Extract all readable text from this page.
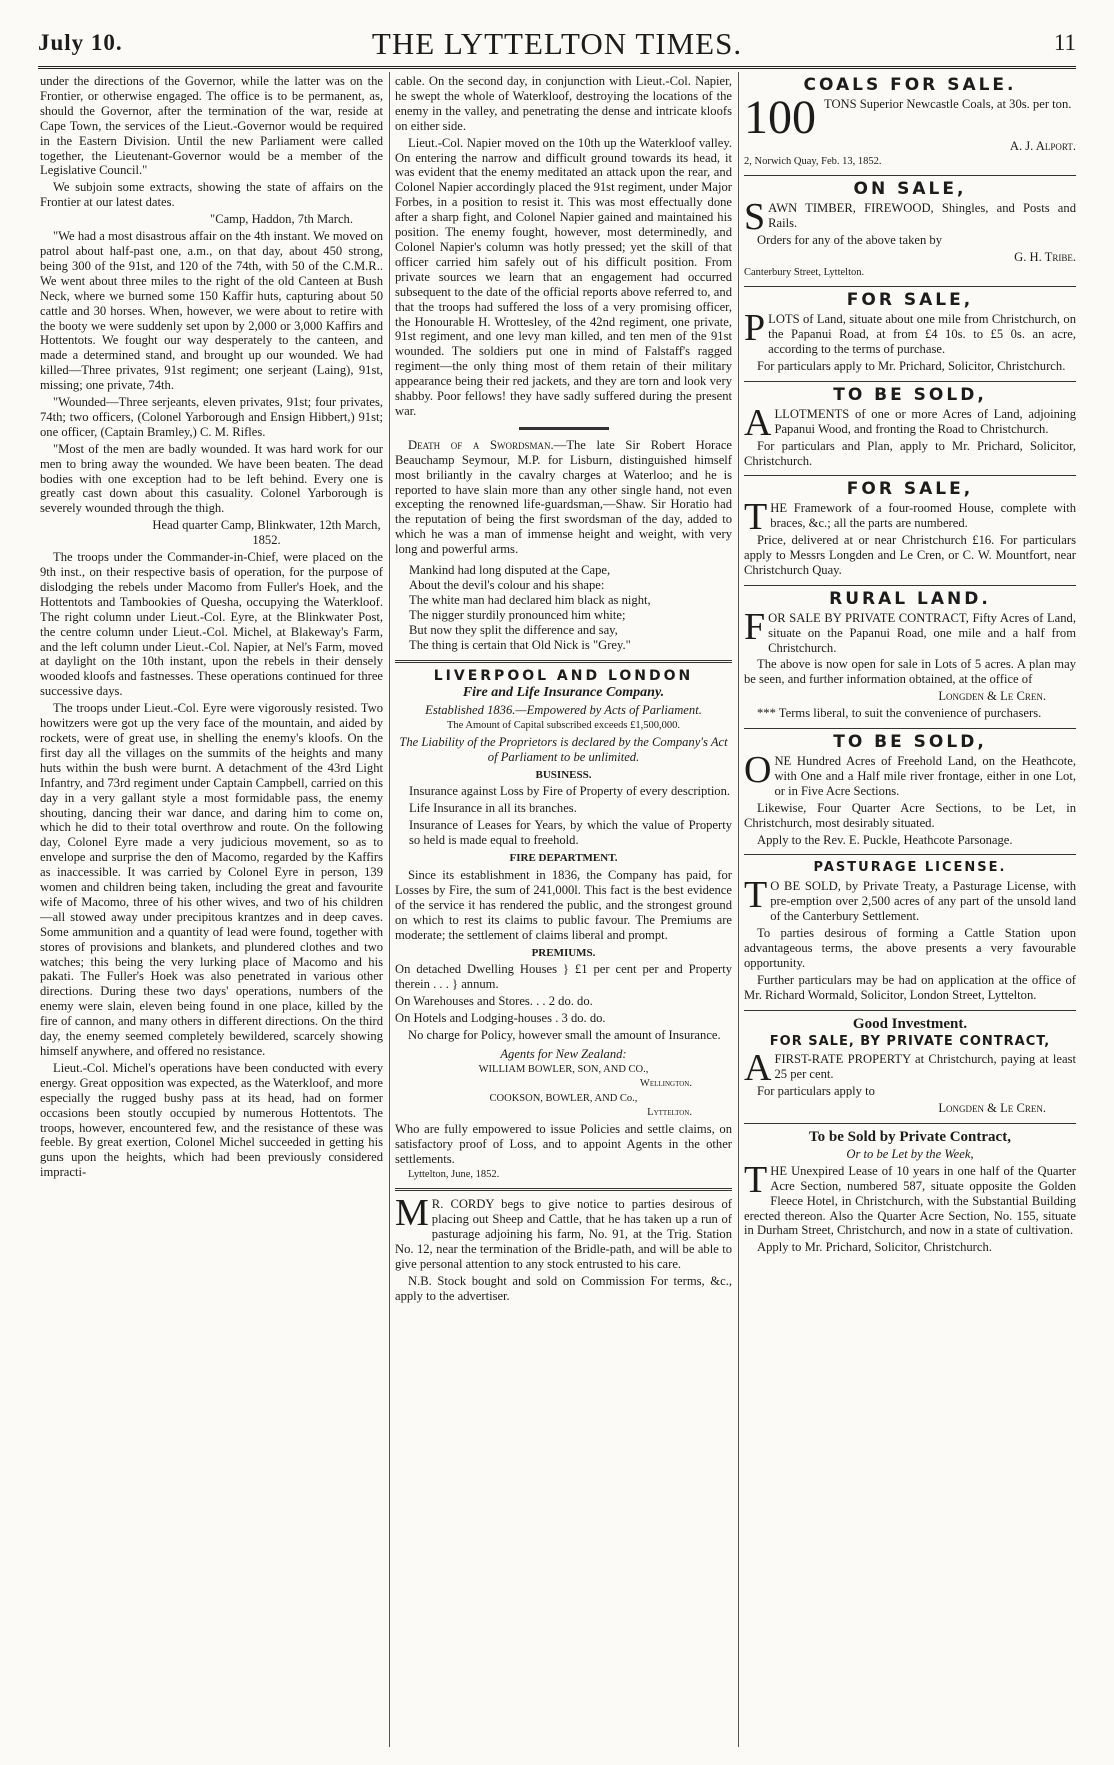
July 10.	THE LYTTELTON TIMES.	11

under the directions of the Governor, while the latter was on the Frontier, or otherwise engaged. The office is to be permanent, as, should the Governor, after the termination of the war, reside at Cape Town, the services of the Lieut.-Governor would be required in the Eastern Division. Until the new Parliament were called together, the Lieutenant-Governor would be a member of the Legislative Council."

We subjoin some extracts, showing the state of affairs on the Frontier at our latest dates.

"Camp, Haddon, 7th March.

"We had a most disastrous affair on the 4th instant. We moved on patrol about half-past one, a.m., on that day, about 450 strong, being 300 of the 91st, and 120 of the 74th, with 50 of the C.M.R.. We went about three miles to the right of the old Canteen at Bush Neck, where we burned some 150 Kaffir huts, capturing about 50 cattle and 30 horses. When, however, we were about to retire with the booty we were suddenly set upon by 2,000 or 3,000 Kaffirs and Hottentots. We fought our way desperately to the canteen, and made a determined stand, and brought up our wounded. We had killed—Three privates, 91st regiment; one serjeant (Laing), 91st, missing; one private, 74th.

"Wounded—Three serjeants, eleven privates, 91st; four privates, 74th; two officers, (Colonel Yarborough and Ensign Hibbert,) 91st; one officer, (Captain Bramley,) C. M. Rifles.

"Most of the men are badly wounded. It was hard work for our men to bring away the wounded. We have been beaten. The dead bodies with one exception had to be left behind. Every one is greatly cast down about this casuality. Colonel Yarborough is severely wounded through the thigh.

Head quarter Camp, Blinkwater, 12th March, 1852.

The troops under the Commander-in-Chief, were placed on the 9th inst., on their respective basis of operation, for the purpose of dislodging the rebels under Macomo from Fuller's Hoek, and the Hottentots and Tambookies of Quesha, occupying the Waterkloof. The right column under Lieut.-Col. Eyre, at the Blinkwater Post, the centre column under Lieut.-Col. Michel, at Blakeway's Farm, and the left column under Lieut.-Col. Napier, at Nel's Farm, moved at daylight on the 10th instant, upon the rebels in their densely wooded kloofs and fastnesses. These operations continued for three successive days.

The troops under Lieut.-Col. Eyre were vigorously resisted. Two howitzers were got up the very face of the mountain, and aided by rockets, were of great use, in shelling the enemy's kloofs. On the first day all the villages on the summits of the heights and many huts within the bush were burnt. A detachment of the 43rd Light Infantry, and 73rd regiment under Captain Campbell, carried on this day in a very gallant style a most formidable pass, the enemy shouting, dancing their war dance, and daring him to come on, which he did to their total overthrow and route. On the following day, Colonel Eyre made a very judicious movement, so as to envelope and surprise the den of Macomo, regarded by the Kaffirs as inaccessible. It was carried by Colonel Eyre in person, 139 women and children being taken, including the great and favourite wife of Macomo, three of his other wives, and two of his children—all stowed away under precipitous krantzes and in deep caves. Some ammunition and a quantity of lead were found, together with stores of provisions and blankets, and plundered clothes and two watches; this being the very lurking place of Macomo and his pakati. The Fuller's Hoek was also penetrated in various other directions. During these two days' operations, numbers of the enemy were slain, eleven being found in one place, killed by the fire of cannon, and many others in different directions. On the third day, the enemy seemed completely bewildered, scarcely showing himself anywhere, and offered no resistance.

Lieut.-Col. Michel's operations have been conducted with every energy. Great opposition was expected, as the Waterkloof, and more especially the rugged bushy pass at its head, had on former occasions been stoutly occupied by numerous Hottentots. The troops, however, encountered few, and the resistance of these was feeble. By great exertion, Colonel Michel succeeded in getting his guns upon the heights, which had been previously considered impracti-

cable. On the second day, in conjunction with Lieut.-Col. Napier, he swept the whole of Waterkloof, destroying the locations of the enemy in the valley, and penetrating the dense and intricate kloofs on either side.

Lieut.-Col. Napier moved on the 10th up the Waterkloof valley. On entering the narrow and difficult ground towards its head, it was evident that the enemy meditated an attack upon the rear, and Colonel Napier accordingly placed the 91st regiment, under Major Forbes, in a position to resist it. This was most effectually done after a sharp fight, and Colonel Napier gained and maintained his position. The enemy fought, however, most determinedly, and Colonel Napier's column was hotly pressed; yet the skill of that officer carried him safely out of his difficult position. From private sources we learn that an engagement had occurred subsequent to the date of the official reports above referred to, and that the troops had suffered the loss of a very promising officer, the Honourable H. Wrottesley, of the 42nd regiment, one private, 91st regiment, and one levy man killed, and ten men of the 91st wounded. The soldiers put one in mind of Falstaff's ragged regiment—the only thing most of them retain of their military appearance being their red jackets, and they are torn and look very shabby. Poor fellows! they have sadly suffered during the present war.

Death of a Swordsman.—The late Sir Robert Horace Beauchamp Seymour, M.P. for Lisburn, distinguished himself most briliantly in the cavalry charges at Waterloo; and he is reported to have slain more than any other single hand, not even excepting the renowned life-guardsman,—Shaw. Sir Horatio had the reputation of being the first swordsman of the day, added to which he was a man of immense height and weight, with very long and powerful arms.

Mankind had long disputed at the Cape,

About the devil's colour and his shape:

The white man had declared him black as night,

The nigger sturdily pronounced him white;

But now they split the difference and say,

The thing is certain that Old Nick is "Grey."

LIVERPOOL AND LONDON

Fire and Life Insurance Company.

Established 1836.—Empowered by Acts of Parliament.

The Amount of Capital subscribed exceeds £1,500,000.

The Liability of the Proprietors is declared by the Company's Act of Parliament to be unlimited.

BUSINESS.

Insurance against Loss by Fire of Property of every description.

Life Insurance in all its branches.

Insurance of Leases for Years, by which the value of Property so held is made equal to freehold.

FIRE DEPARTMENT.

Since its establishment in 1836, the Company has paid, for Losses by Fire, the sum of 241,000l. This fact is the best evidence of the service it has rendered the public, and the strongest ground on which to rest its claims to public favour. The Premiums are moderate; the settlement of claims liberal and prompt.

PREMIUMS.

On detached Dwelling Houses } £1 per cent per and Property therein . . . } annum.

On Warehouses and Stores. . . 2 do. do.

On Hotels and Lodging-houses . 3 do. do.

No charge for Policy, however small the amount of Insurance.

Agents for New Zealand:

WILLIAM BOWLER, SON, AND CO.,

Wellington.

COOKSON, BOWLER, AND Co.,

Lyttelton.

Who are fully empowered to issue Policies and settle claims, on satisfactory proof of Loss, and to appoint Agents in the other settlements.

Lyttelton, June, 1852.

M R. CORDY begs to give notice to parties desirous of placing out Sheep and Cattle, that he has taken up a run of pasturage adjoining his farm, No. 91, at the Trig. Station No. 12, near the termination of the Bridle-path, and will be able to give personal attention to any stock entrusted to his care.

N.B. Stock bought and sold on Commission For terms, &c., apply to the advertiser.

COALS FOR SALE.

100 TONS Superior Newcastle Coals, at 30s. per ton.

A. J. Alport.

2, Norwich Quay, Feb. 13, 1852.

ON SALE,

SAWN TIMBER, FIREWOOD, Shingles, and Posts and Rails.

Orders for any of the above taken by

G. H. Tribe.

Canterbury Street, Lyttelton.

FOR SALE,

PLOTS of Land, situate about one mile from Christchurch, on the Papanui Road, at from £4 10s. to £5 0s. an acre, according to the terms of purchase.

For particulars apply to Mr. Prichard, Solicitor, Christchurch.

TO BE SOLD,

ALLOTMENTS of one or more Acres of Land, adjoining Papanui Wood, and fronting the Road to Christchurch.

For particulars and Plan, apply to Mr. Prichard, Solicitor, Christchurch.

FOR SALE,

THE Framework of a four-roomed House, complete with braces, &c.; all the parts are numbered.

Price, delivered at or near Christchurch £16. For particulars apply to Messrs Longden and Le Cren, or C. W. Mountfort, near Christchurch Quay.

RURAL LAND.

FOR SALE BY PRIVATE CONTRACT, Fifty Acres of Land, situate on the Papanui Road, one mile and a half from Christchurch.

The above is now open for sale in Lots of 5 acres. A plan may be seen, and further information obtained, at the office of

Longden & Le Cren.

*** Terms liberal, to suit the convenience of purchasers.

TO BE SOLD,

ONE Hundred Acres of Freehold Land, on the Heathcote, with One and a Half mile river frontage, either in one Lot, or in Five Acre Sections.

Likewise, Four Quarter Acre Sections, to be Let, in Christchurch, most desirably situated.

Apply to the Rev. E. Puckle, Heathcote Parsonage.

PASTURAGE LICENSE.

T O BE SOLD, by Private Treaty, a Pasturage License, with pre-emption over 2,500 acres of any part of the unsold land of the Canterbury Settlement.

To parties desirous of forming a Cattle Station upon advantageous terms, the above presents a very favourable opportunity.

Further particulars may be had on application at the office of Mr. Richard Wormald, Solicitor, London Street, Lyttelton.

Good Investment.
FOR SALE, BY PRIVATE CONTRACT,

AFIRST-RATE PROPERTY at Christchurch, paying at least 25 per cent.

For particulars apply to

Longden & Le Cren.

To be Sold by Private Contract,

Or to be Let by the Week,

THE Unexpired Lease of 10 years in one half of the Quarter Acre Section, numbered 587, situate opposite the Golden Fleece Hotel, in Christchurch, with the Substantial Building erected thereon. Also the Quarter Acre Section, No. 155, situate in Durham Street, Christchurch, and now in a state of cultivation.

Apply to Mr. Prichard, Solicitor, Christchurch.
